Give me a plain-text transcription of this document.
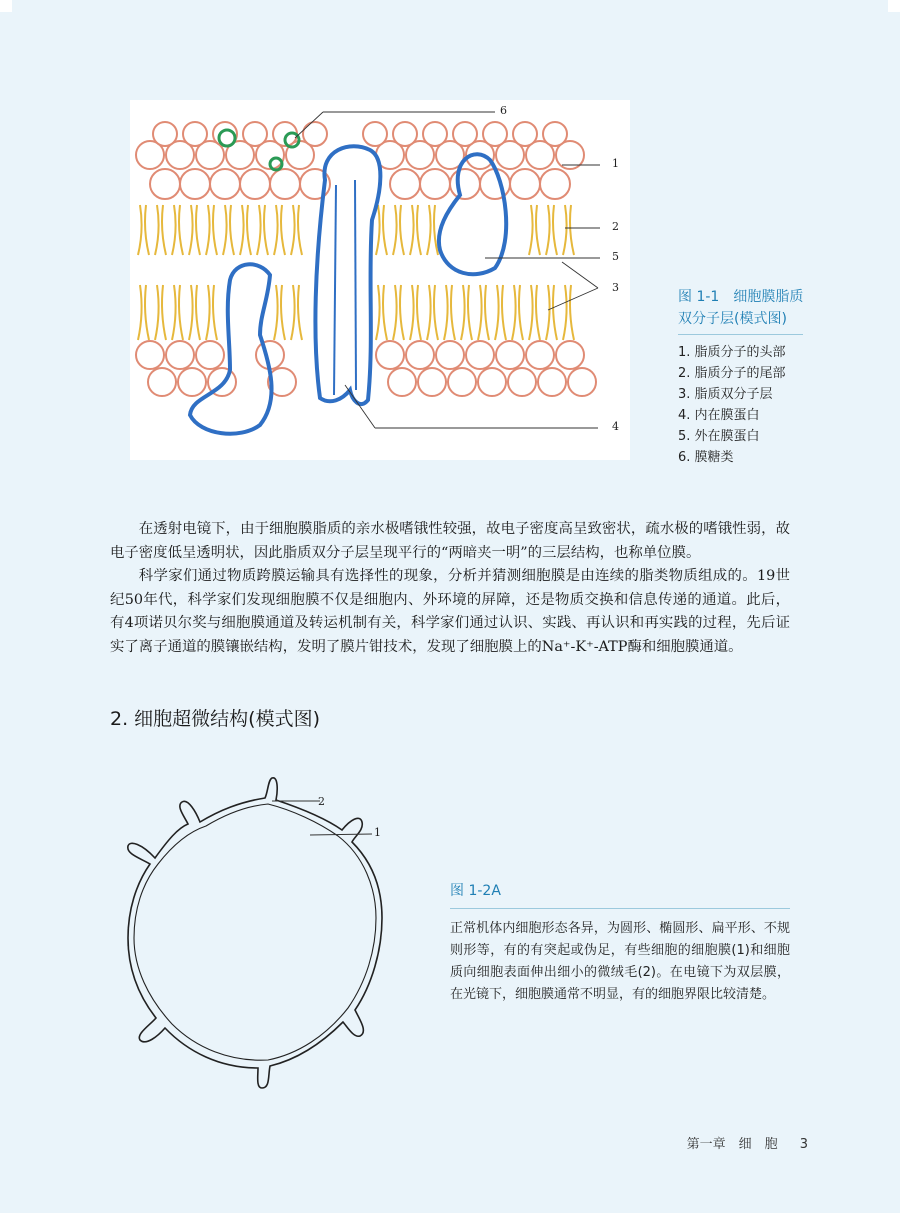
6
1
2
5
3
4
图 1-1　细胞膜脂质
双分子层(模式图)
1. 脂质分子的头部
2. 脂质分子的尾部
3. 脂质双分子层
4. 内在膜蛋白
5. 外在膜蛋白
6. 膜糖类

在透射电镜下，由于细胞膜脂质的亲水极嗜锇性较强，故电子密度高呈致密状，疏水极的嗜锇性弱，故电子密度低呈透明状，因此脂质双分子层呈现平行的“两暗夹一明”的三层结构，也称单位膜。

科学家们通过物质跨膜运输具有选择性的现象，分析并猜测细胞膜是由连续的脂类物质组成的。19世纪50年代，科学家们发现细胞膜不仅是细胞内、外环境的屏障，还是物质交换和信息传递的通道。此后，有4项诺贝尔奖与细胞膜通道及转运机制有关，科学家们通过认识、实践、再认识和再实践的过程，先后证实了离子通道的膜镶嵌结构，发明了膜片钳技术，发现了细胞膜上的Na⁺-K⁺-ATP酶和细胞膜通道。

2. 细胞超微结构(模式图)
2
1
图 1-2A
正常机体内细胞形态各异，为圆形、椭圆形、扁平形、不规则形等，有的有突起或伪足，有些细胞的细胞膜(1)和细胞质向细胞表面伸出细小的微绒毛(2)。在电镜下为双层膜，在光镜下，细胞膜通常不明显，有的细胞界限比较清楚。
第一章　细　胞 3
